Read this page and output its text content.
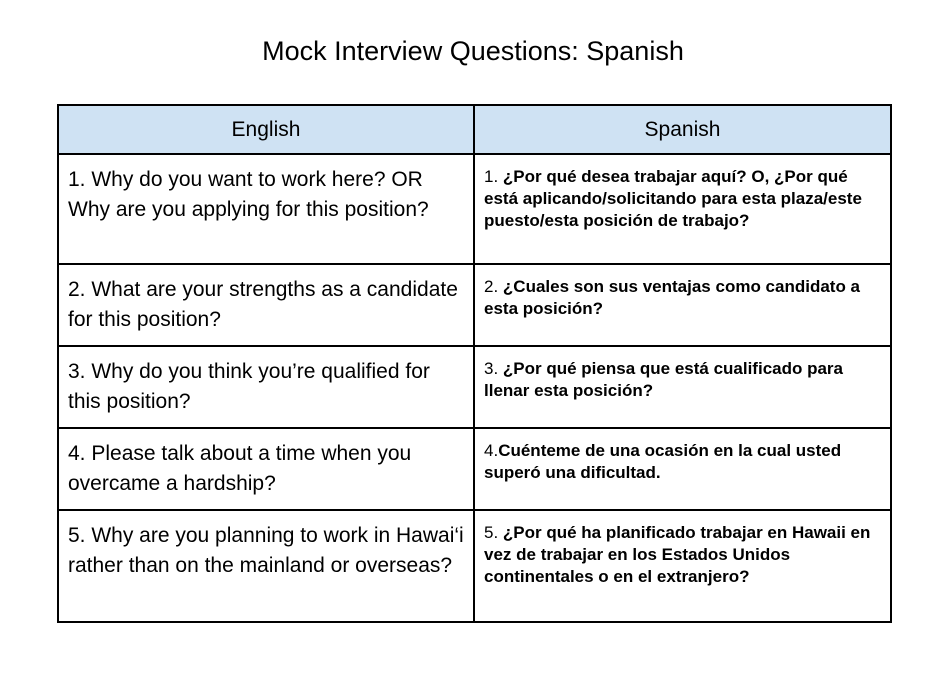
Mock Interview Questions: Spanish
English	Spanish
1. Why do you want to work here? OR Why are you applying for this position?	1. ¿Por qué desea trabajar aquí? O, ¿Por qué está aplicando/solicitando para esta plaza/este puesto/esta posición de trabajo?
2. What are your strengths as a candidate for this position?	2. ¿Cuales son sus ventajas como candidato a esta posición?
3. Why do you think you’re qualified for this position?	3. ¿Por qué piensa que está cualificado para llenar esta posición?
4. Please talk about a time when you overcame a hardship?	4.Cuénteme de una ocasión en la cual usted superó una dificultad.
5. Why are you planning to work in Hawai‘i rather than on the mainland or overseas?	5. ¿Por qué ha planificado trabajar en Hawaii en vez de trabajar en los Estados Unidos continentales o en el extranjero?
